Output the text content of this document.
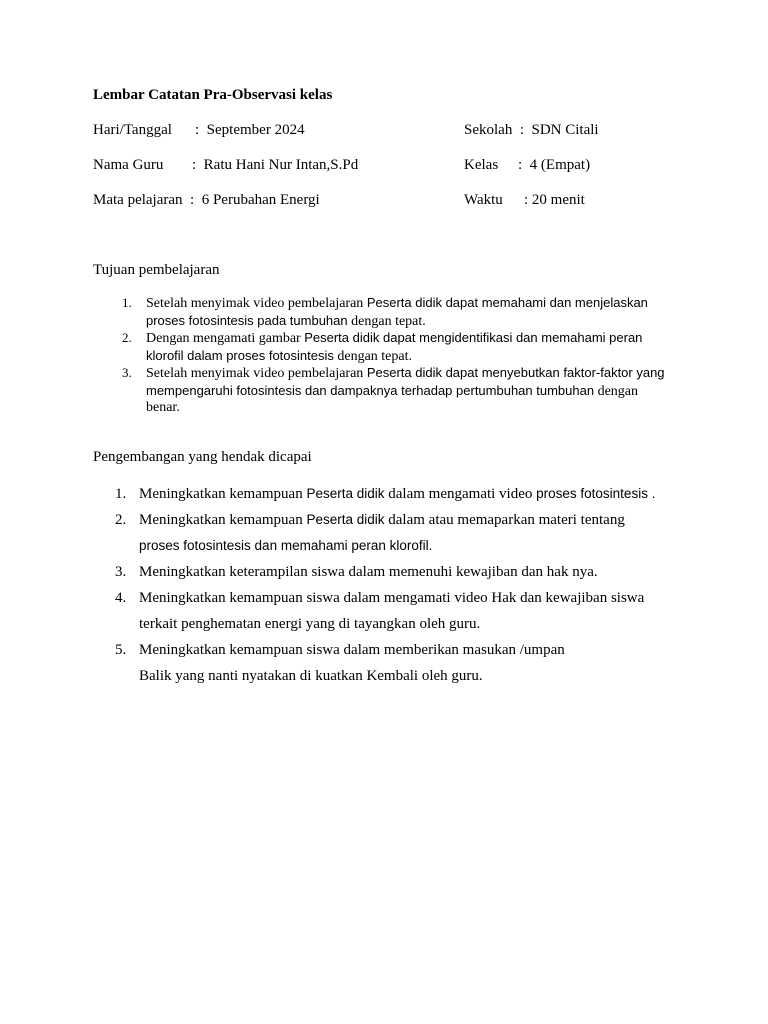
Lembar Catatan Pra-Observasi kelas
Hari/Tanggal : September 2024
Nama Guru : Ratu Hani Nur Intan,S.Pd
Mata pelajaran : 6 Perubahan Energi
Sekolah : SDN Citali
Kelas : 4 (Empat)
Waktu : 20 menit
Tujuan pembelajaran
1. Setelah menyimak video pembelajaran Peserta didik dapat memahami dan menjelaskan proses fotosintesis pada tumbuhan dengan tepat.
2. Dengan mengamati gambar Peserta didik dapat mengidentifikasi dan memahami peran klorofil dalam proses fotosintesis dengan tepat.
3. Setelah menyimak video pembelajaran Peserta didik dapat menyebutkan faktor-faktor yang mempengaruhi fotosintesis dan dampaknya terhadap pertumbuhan tumbuhan dengan benar.
Pengembangan yang hendak dicapai
1. Meningkatkan kemampuan Peserta didik dalam mengamati video proses fotosintesis .
2. Meningkatkan kemampuan Peserta didik dalam atau memaparkan materi tentang
proses fotosintesis dan memahami peran klorofil.
3. Meningkatkan keterampilan siswa dalam memenuhi kewajiban dan hak nya.
4. Meningkatkan kemampuan siswa dalam mengamati video Hak dan kewajiban siswa
terkait penghematan energi yang di tayangkan oleh guru.
5. Meningkatkan kemampuan siswa dalam memberikan masukan /umpan
Balik yang nanti nyatakan di kuatkan Kembali oleh guru.
